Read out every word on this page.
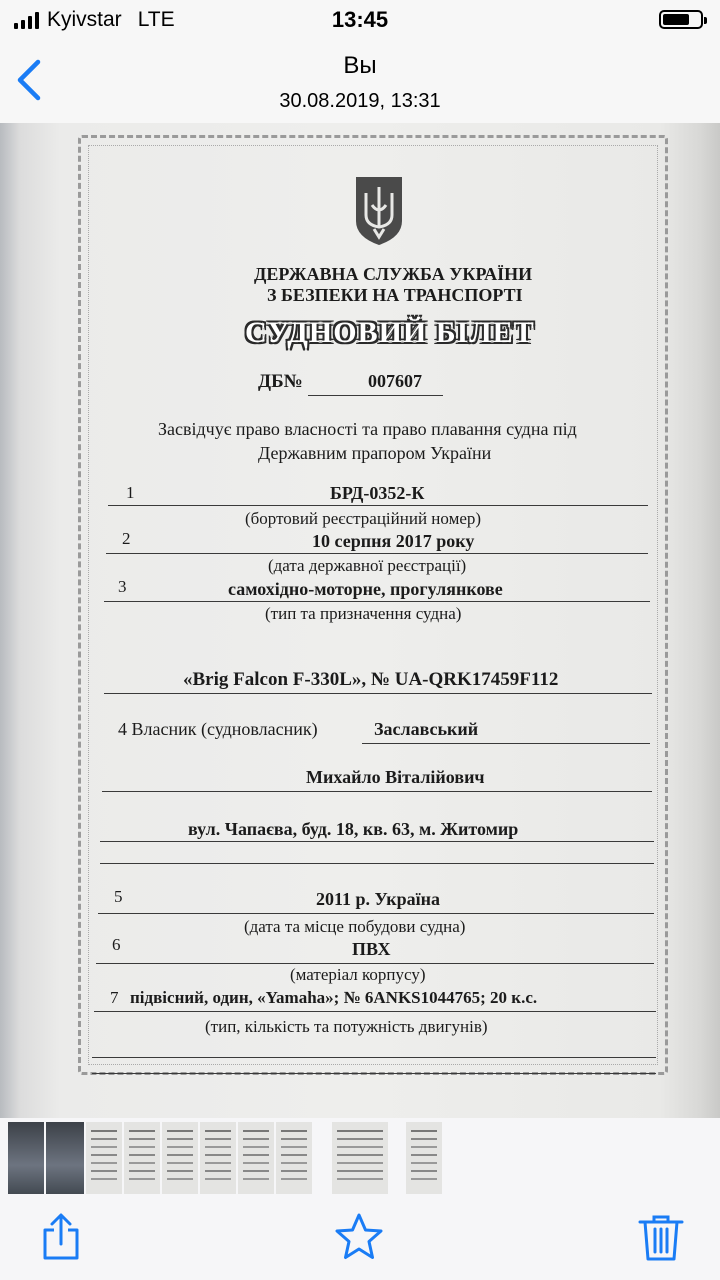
Kyivstar LTE	13:45
Вы
30.08.2019, 13:31
ДЕРЖАВНА СЛУЖБА УКРАЇНИ
З БЕЗПЕКИ НА ТРАНСПОРТІ
СУДНОВИЙ БІЛЕТ
ДБ№	007607
Засвідчує право власності та право плавання судна під
Державним прапором України
1	БРД-0352-К
(бортовий реєстраційний номер)
2	10 серпня 2017 року
(дата державної реєстрації)
3	самохідно-моторне, прогулянкове
(тип та призначення судна)
«Brig Falcon F-330L», № UA-QRK17459F112
4 Власник (судновласник)	Заславський
Михайло Віталійович
вул. Чапаєва, буд. 18, кв. 63, м. Житомир
5	2011 р. Україна
(дата та місце побудови судна)
6	ПВХ
(матеріал корпусу)
7 підвісний, один, «Yamaha»; № 6ANKS1044765; 20 к.с.
(тип, кількість та потужність двигунів)
